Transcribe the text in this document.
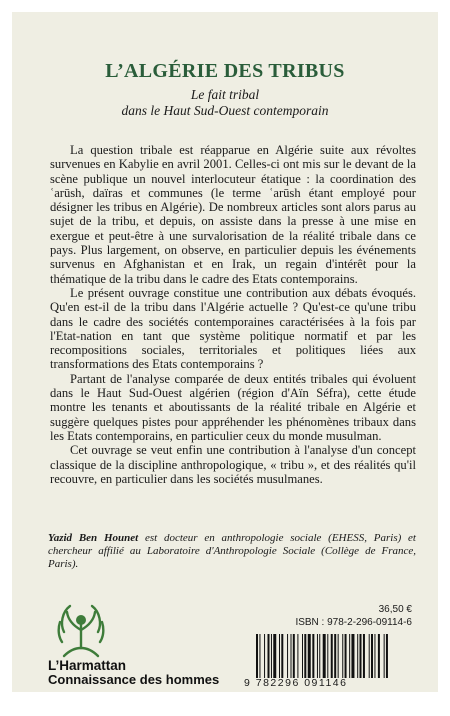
L’ALGÉRIE DES TRIBUS
Le fait tribal
dans le Haut Sud-Ouest contemporain

La question tribale est réapparue en Algérie suite aux révoltes survenues en Kabylie en avril 2001. Celles-ci ont mis sur le devant de la scène publique un nouvel interlocuteur étatique : la coordination des ʿarūsh, daïras et communes (le terme ʿarūsh étant employé pour désigner les tribus en Algérie). De nombreux articles sont alors parus au sujet de la tribu, et depuis, on assiste dans la presse à une mise en exergue et peut-être à une survalorisation de la réalité tribale dans ce pays. Plus largement, on observe, en particulier depuis les événements survenus en Afghanistan et en Irak, un regain d'intérêt pour la thématique de la tribu dans le cadre des Etats contemporains.

Le présent ouvrage constitue une contribution aux débats évoqués. Qu'en est-il de la tribu dans l'Algérie actuelle ? Qu'est-ce qu'une tribu dans le cadre des sociétés contemporaines caractérisées à la fois par l'Etat-nation en tant que système politique normatif et par les recompositions sociales, territoriales et politiques liées aux transformations des Etats contemporains ?

Partant de l'analyse comparée de deux entités tribales qui évoluent dans le Haut Sud-Ouest algérien (région d'Aïn Séfra), cette étude montre les tenants et aboutissants de la réalité tribale en Algérie et suggère quelques pistes pour appréhender les phénomènes tribaux dans les Etats contemporains, en particulier ceux du monde musulman.

Cet ouvrage se veut enfin une contribution à l'analyse d'un concept classique de la discipline anthropologique, « tribu », et des réalités qu'il recouvre, en particulier dans les sociétés musulmanes.

Yazid Ben Hounet est docteur en anthropologie sociale (EHESS, Paris) et chercheur affilié au Laboratoire d'Anthropologie Sociale (Collège de France, Paris).
36,50 €
ISBN : 978-2-296-09114-6
L’Harmattan
Connaissance des hommes 9 782296 091146
